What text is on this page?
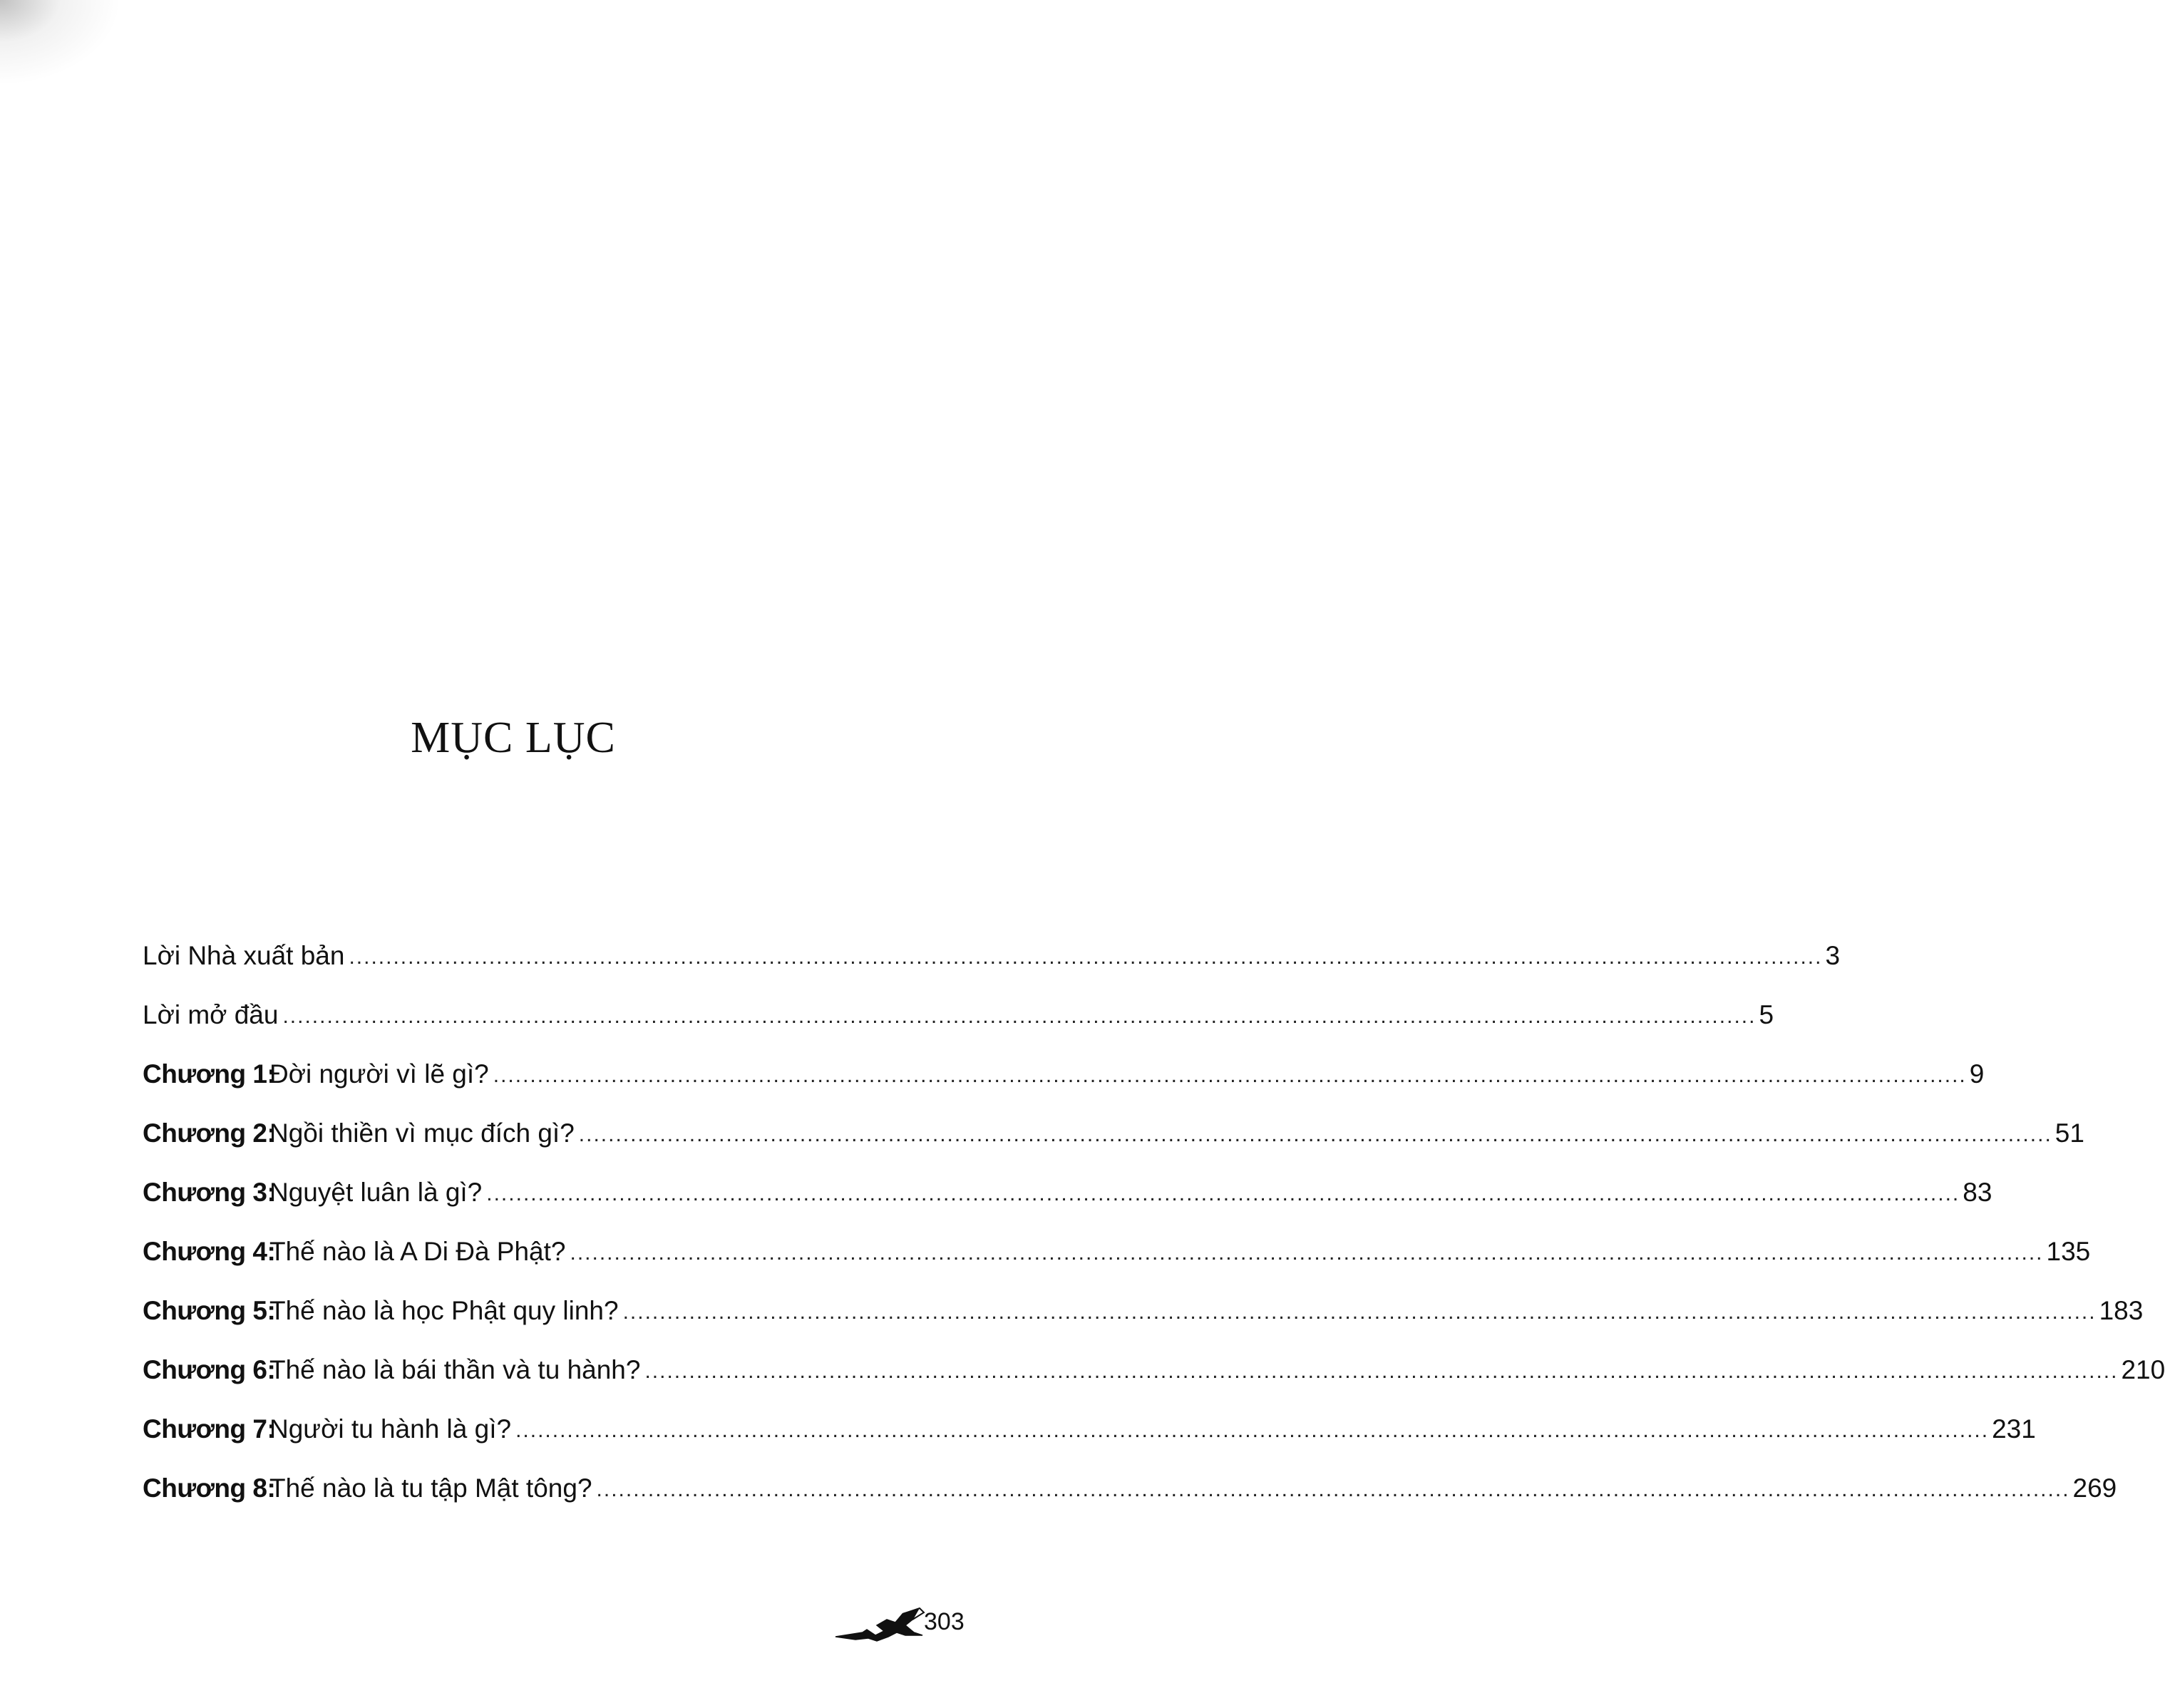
MỤC LỤC
Lời Nhà xuất bản ........................................................................................................................................................................................................ 3
Lời mở đầu ........................................................................................................................................................................................................ 5
Chương 1:
Đời người vì lẽ gì? ........................................................................................................................................................................................................ 9
Chương 2:
Ngồi thiền vì mục đích gì? ........................................................................................................................................................................................................ 51
Chương 3:
Nguyệt luân là gì? ........................................................................................................................................................................................................ 83
Chương 4:
Thế nào là A Di Đà Phật? ........................................................................................................................................................................................................ 135
Chương 5:
Thế nào là học Phật quy linh? ........................................................................................................................................................................................................ 183
Chương 6:
Thế nào là bái thần và tu hành? ........................................................................................................................................................................................................ 210
Chương 7:
Người tu hành là gì? ........................................................................................................................................................................................................ 231
Chương 8:
Thế nào là tu tập Mật tông? ........................................................................................................................................................................................................ 269
303
